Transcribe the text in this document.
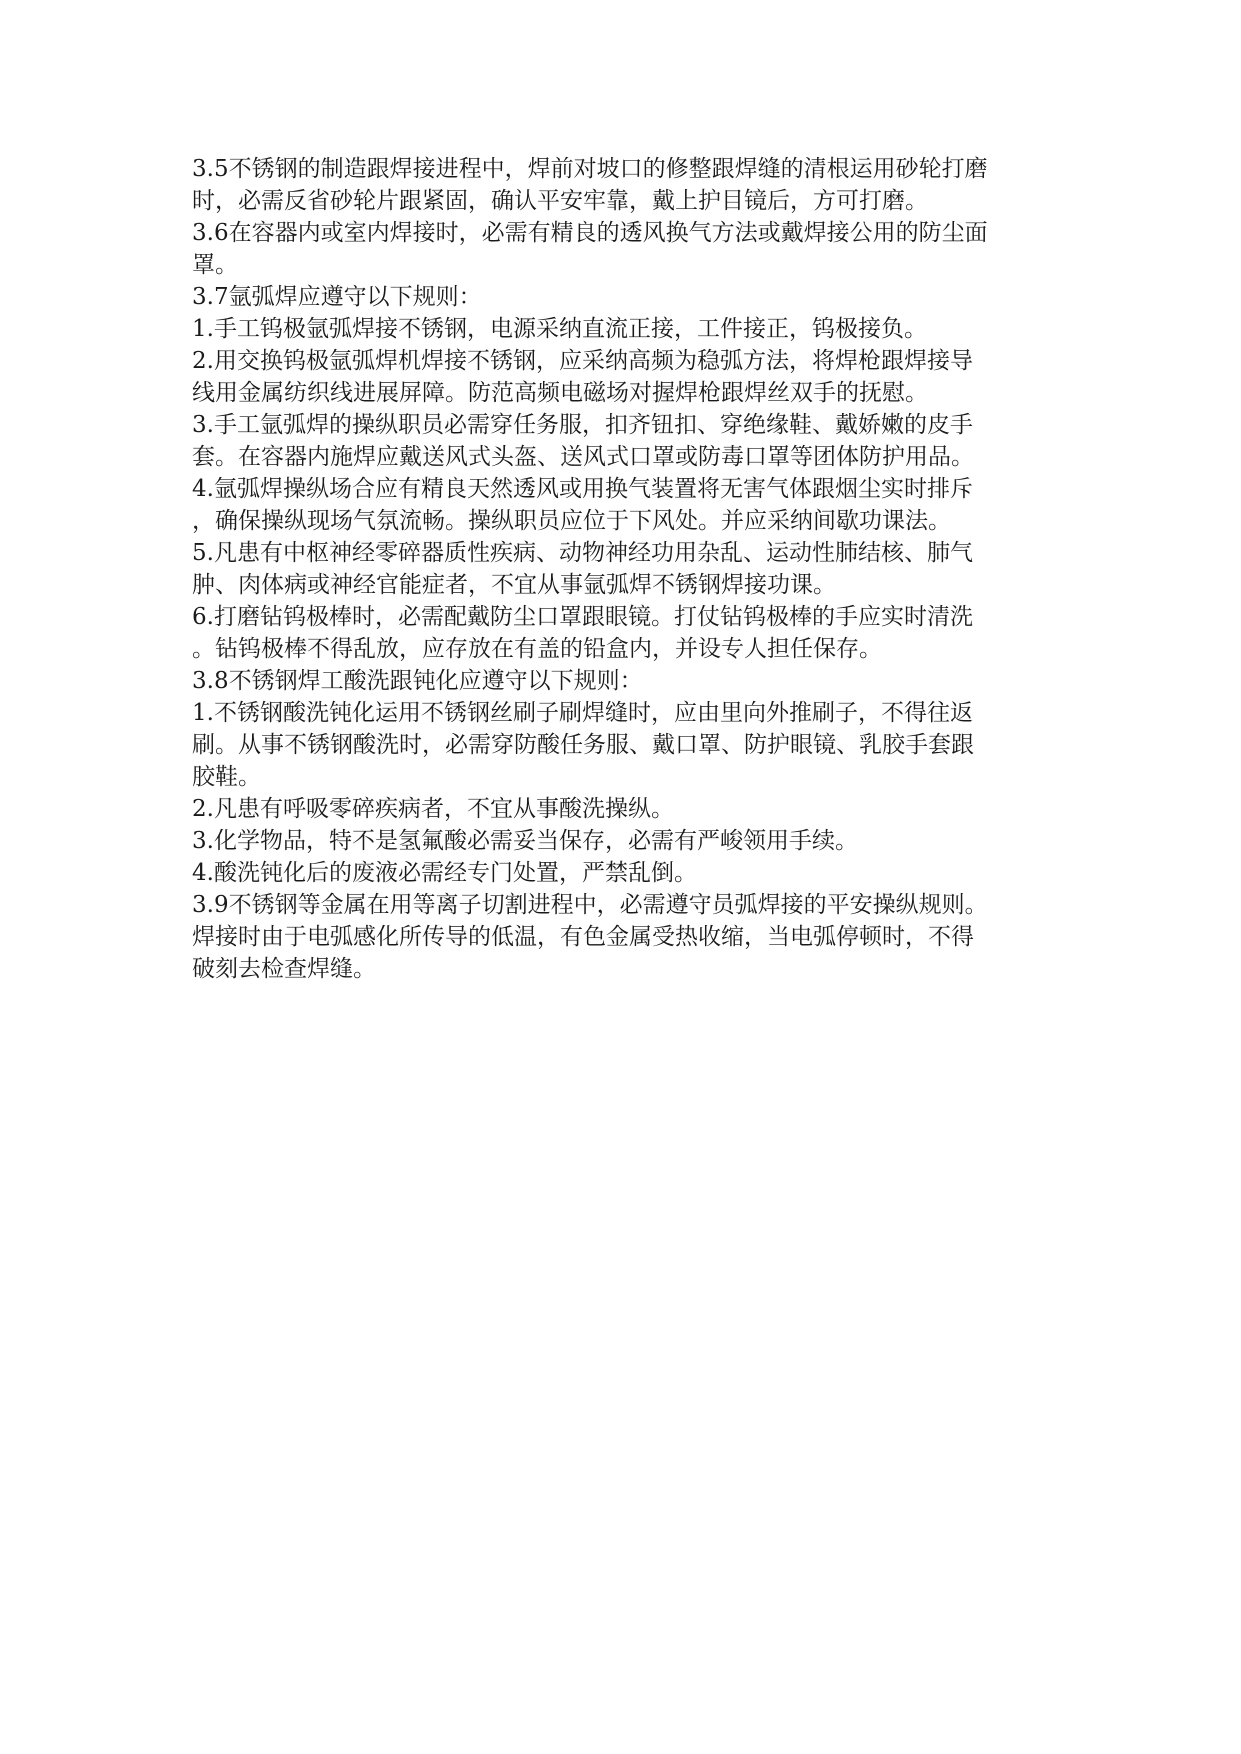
3.5不锈钢的制造跟焊接进程中，焊前对坡口的修整跟焊缝的清根运用砂轮打磨
时，必需反省砂轮片跟紧固，确认平安牢靠，戴上护目镜后，方可打磨。
3.6在容器内或室内焊接时，必需有精良的透风换气方法或戴焊接公用的防尘面
罩。
3.7氩弧焊应遵守以下规则：
1.手工钨极氩弧焊接不锈钢，电源采纳直流正接，工件接正，钨极接负。
2.用交换钨极氩弧焊机焊接不锈钢，应采纳高频为稳弧方法，将焊枪跟焊接导
线用金属纺织线进展屏障。防范高频电磁场对握焊枪跟焊丝双手的抚慰。
3.手工氩弧焊的操纵职员必需穿任务服，扣齐钮扣、穿绝缘鞋、戴娇嫩的皮手
套。在容器内施焊应戴送风式头盔、送风式口罩或防毒口罩等团体防护用品。
4.氩弧焊操纵场合应有精良天然透风或用换气装置将无害气体跟烟尘实时排斥
，确保操纵现场气氛流畅。操纵职员应位于下风处。并应采纳间歇功课法。
5.凡患有中枢神经零碎器质性疾病、动物神经功用杂乱、运动性肺结核、肺气
肿、肉体病或神经官能症者，不宜从事氩弧焊不锈钢焊接功课。
6.打磨钻钨极棒时，必需配戴防尘口罩跟眼镜。打仗钻钨极棒的手应实时清洗
。钻钨极棒不得乱放，应存放在有盖的铅盒内，并设专人担任保存。
3.8不锈钢焊工酸洗跟钝化应遵守以下规则：
1.不锈钢酸洗钝化运用不锈钢丝刷子刷焊缝时，应由里向外推刷子，不得往返
刷。从事不锈钢酸洗时，必需穿防酸任务服、戴口罩、防护眼镜、乳胶手套跟
胶鞋。
2.凡患有呼吸零碎疾病者，不宜从事酸洗操纵。
3.化学物品，特不是氢氟酸必需妥当保存，必需有严峻领用手续。
4.酸洗钝化后的废液必需经专门处置，严禁乱倒。
3.9不锈钢等金属在用等离子切割进程中，必需遵守员弧焊接的平安操纵规则。
焊接时由于电弧感化所传导的低温，有色金属受热收缩，当电弧停顿时，不得
破刻去检查焊缝。
